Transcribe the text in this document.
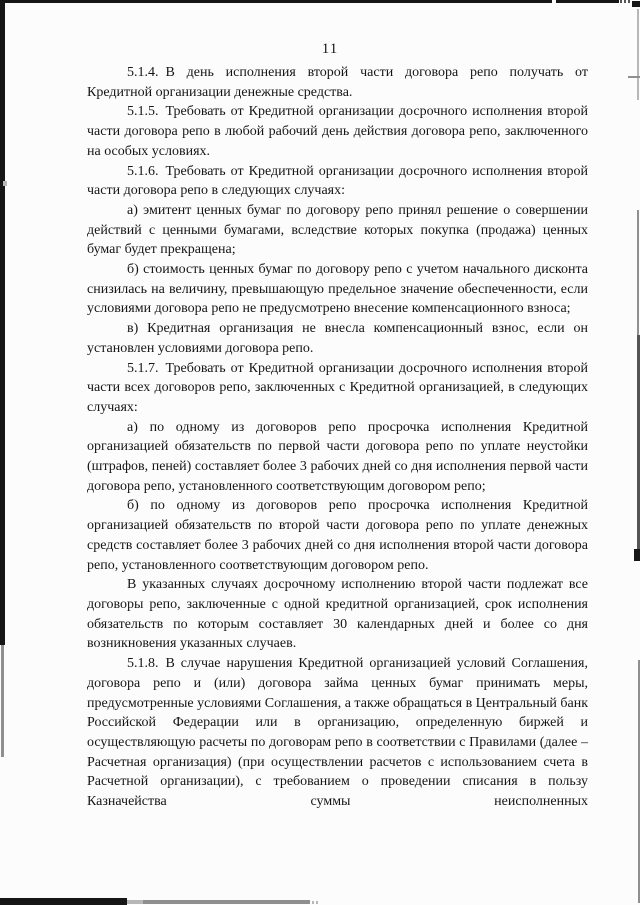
11

5.1.4. В день исполнения второй части договора репо получать от Кредитной организации денежные средства.

5.1.5. Требовать от Кредитной организации досрочного исполнения второй части договора репо в любой рабочий день действия договора репо, заключенного на особых условиях.

5.1.6. Требовать от Кредитной организации досрочного исполнения второй части договора репо в следующих случаях:

а) эмитент ценных бумаг по договору репо принял решение о совершении действий с ценными бумагами, вследствие которых покупка (продажа) ценных бумаг будет прекращена;

б) стоимость ценных бумаг по договору репо с учетом начального дисконта снизилась на величину, превышающую предельное значение обеспеченности, если условиями договора репо не предусмотрено внесение компенсационного взноса;

в) Кредитная организация не внесла компенсационный взнос, если он установлен условиями договора репо.

5.1.7. Требовать от Кредитной организации досрочного исполнения второй части всех договоров репо, заключенных с Кредитной организацией, в следующих случаях:

а) по одному из договоров репо просрочка исполнения Кредитной организацией обязательств по первой части договора репо по уплате неустойки (штрафов, пеней) составляет более 3 рабочих дней со дня исполнения первой части договора репо, установленного соответствующим договором репо;

б) по одному из договоров репо просрочка исполнения Кредитной организацией обязательств по второй части договора репо по уплате денежных средств составляет более 3 рабочих дней со дня исполнения второй части договора репо, установленного соответствующим договором репо.

В указанных случаях досрочному исполнению второй части подлежат все договоры репо, заключенные с одной кредитной организацией, срок исполнения обязательств по которым составляет 30 календарных дней и более со дня возникновения указанных случаев.

5.1.8. В случае нарушения Кредитной организацией условий Соглашения, договора репо и (или) договора займа ценных бумаг принимать меры, предусмотренные условиями Соглашения, а также обращаться в Центральный банк Российской Федерации или в организацию, определенную биржей и осуществляющую расчеты по договорам репо в соответствии с Правилами (далее – Расчетная организация) (при осуществлении расчетов с использованием счета в Расчетной организации), с требованием о проведении списания в пользу Казначейства суммы неисполненных
